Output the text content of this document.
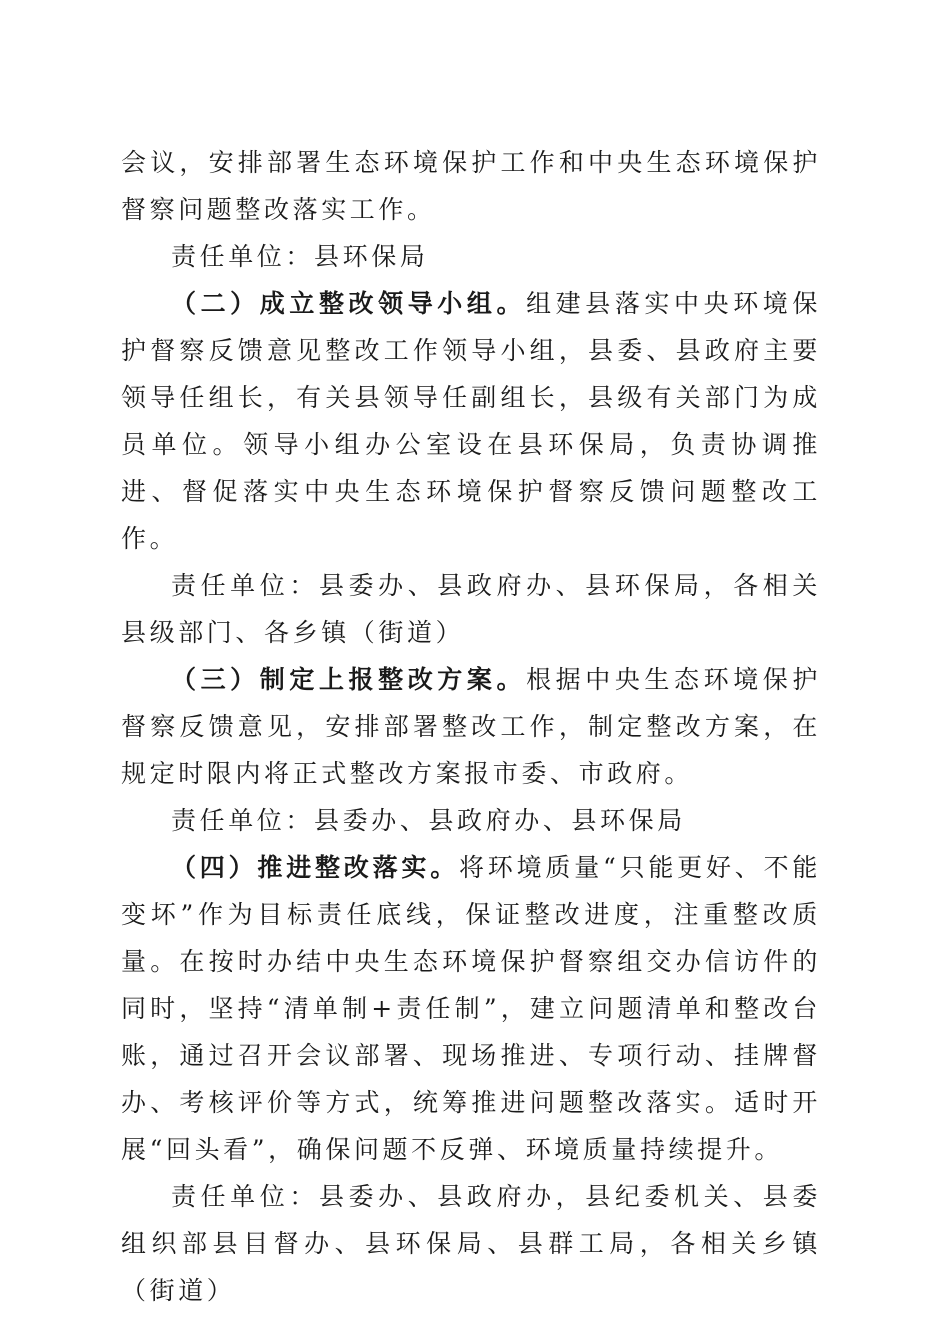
会议，安排部署生态环境保护工作和中央生态环境保护督察问题整改落实工作。

责任单位：县环保局

（二）成立整改领导小组。组建县落实中央环境保护督察反馈意见整改工作领导小组，县委、县政府主要领导任组长，有关县领导任副组长，县级有关部门为成员单位。领导小组办公室设在县环保局，负责协调推进、督促落实中央生态环境保护督察反馈问题整改工作。

责任单位：县委办、县政府办、县环保局，各相关县级部门、各乡镇（街道）

（三）制定上报整改方案。根据中央生态环境保护督察反馈意见，安排部署整改工作，制定整改方案，在规定时限内将正式整改方案报市委、市政府。

责任单位：县委办、县政府办、县环保局

（四）推进整改落实。将环境质量“只能更好、不能变坏”作为目标责任底线，保证整改进度，注重整改质量。在按时办结中央生态环境保护督察组交办信访件的同时，坚持“清单制+责任制”，建立问题清单和整改台账，通过召开会议部署、现场推进、专项行动、挂牌督办、考核评价等方式，统筹推进问题整改落实。适时开展“回头看”，确保问题不反弹、环境质量持续提升。

责任单位：县委办、县政府办，县纪委机关、县委组织部县目督办、县环保局、县群工局，各相关乡镇（街道）
